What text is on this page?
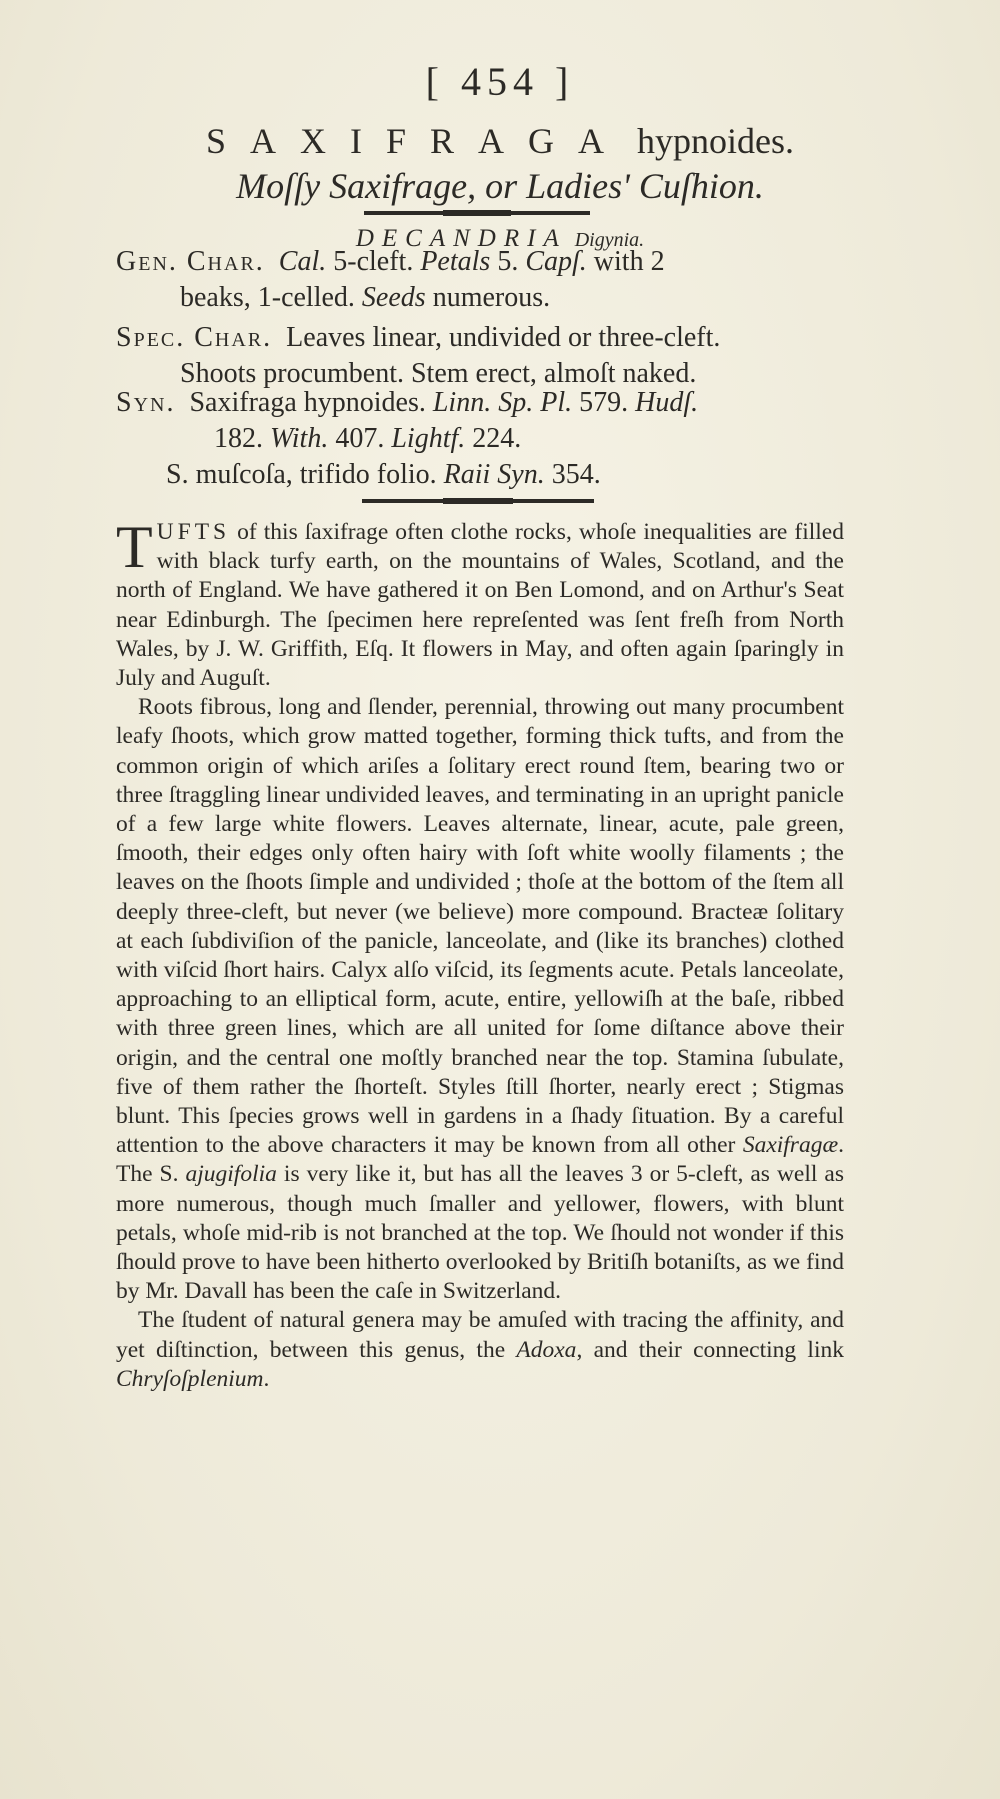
[ 454 ]
SAXIFRAGA hypnoides.
Moſſy Saxifrage, or Ladies' Cuſhion.
DECANDRIA Digynia.
Gen. Char. Cal. 5-cleft. Petals 5. Capſ. with 2
beaks, 1-celled. Seeds numerous.
Spec. Char. Leaves linear, undivided or three-cleft.
Shoots procumbent. Stem erect, almoſt naked.
Syn. Saxifraga hypnoides. Linn. Sp. Pl. 579. Hudſ.
182. With. 407. Lightf. 224.
S. muſcoſa, trifido folio. Raii Syn. 354.

TUFTS of this ſaxifrage often clothe rocks, whoſe inequalities are filled with black turfy earth, on the mountains of Wales, Scotland, and the north of England. We have gathered it on Ben Lomond, and on Arthur's Seat near Edinburgh. The ſpecimen here repreſented was ſent freſh from North Wales, by J. W. Griffith, Eſq. It flowers in May, and often again ſparingly in July and Auguſt.

Roots fibrous, long and ſlender, perennial, throwing out many procumbent leafy ſhoots, which grow matted together, forming thick tufts, and from the common origin of which ariſes a ſolitary erect round ſtem, bearing two or three ſtraggling linear undivided leaves, and terminating in an upright panicle of a few large white flowers. Leaves alternate, linear, acute, pale green, ſmooth, their edges only often hairy with ſoft white woolly filaments ; the leaves on the ſhoots ſimple and undivided ; thoſe at the bottom of the ſtem all deeply three-cleft, but never (we believe) more compound. Bracteæ ſolitary at each ſubdiviſion of the panicle, lanceolate, and (like its branches) clothed with viſcid ſhort hairs. Calyx alſo viſcid, its ſegments acute. Petals lanceolate, approaching to an elliptical form, acute, entire, yellowiſh at the baſe, ribbed with three green lines, which are all united for ſome diſtance above their origin, and the central one moſtly branched near the top. Stamina ſubulate, five of them rather the ſhorteſt. Styles ſtill ſhorter, nearly erect ; Stigmas blunt. This ſpecies grows well in gardens in a ſhady ſituation. By a careful attention to the above characters it may be known from all other Saxifragæ. The S. ajugifolia is very like it, but has all the leaves 3 or 5-cleft, as well as more numerous, though much ſmaller and yellower, flowers, with blunt petals, whoſe mid-rib is not branched at the top. We ſhould not wonder if this ſhould prove to have been hitherto overlooked by Britiſh botaniſts, as we find by Mr. Davall has been the caſe in Switzerland.

The ſtudent of natural genera may be amuſed with tracing the affinity, and yet diſtinction, between this genus, the Adoxa, and their connecting link Chryſoſplenium.
